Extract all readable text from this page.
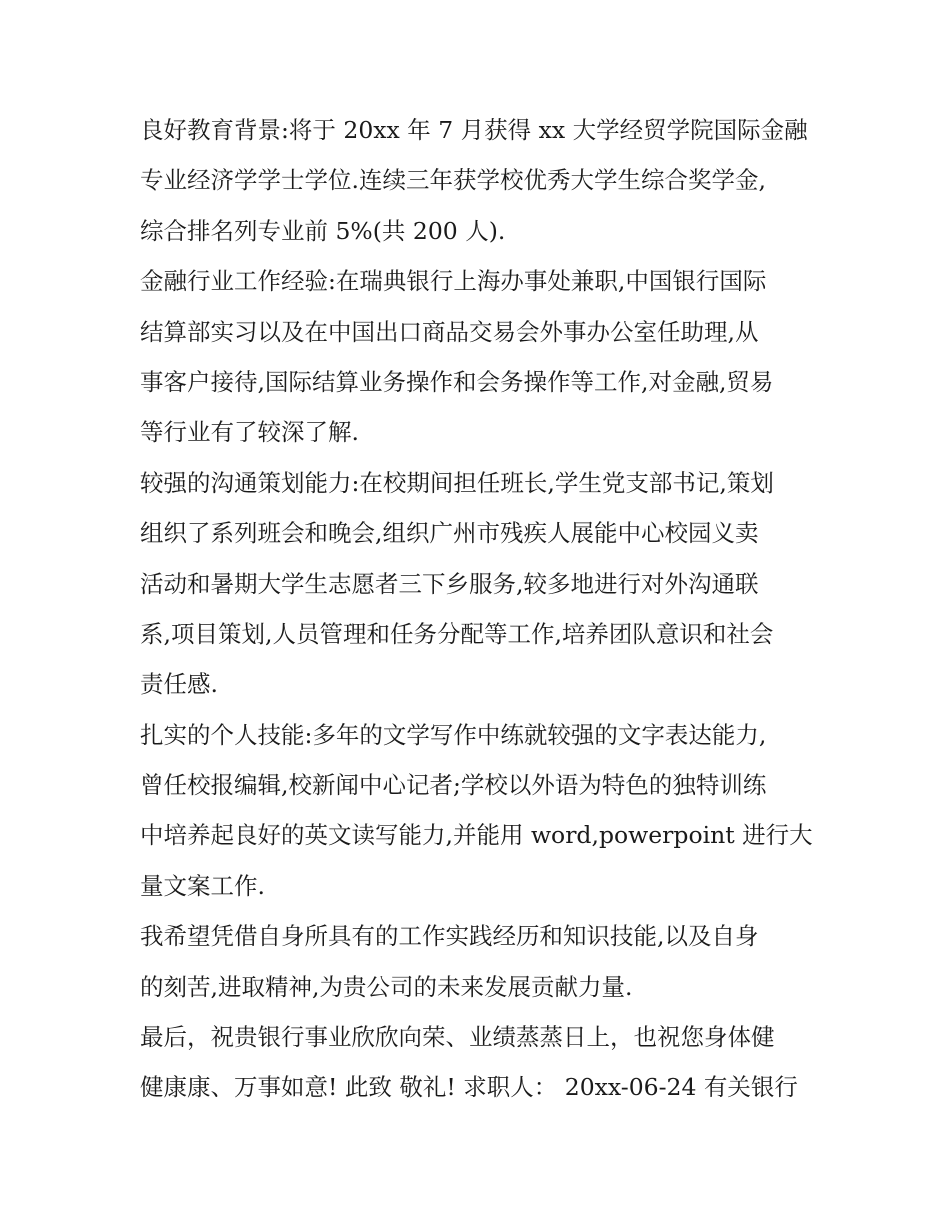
良好教育背景:将于 20xx 年 7 月获得 xx 大学经贸学院国际金融
专业经济学学士学位.连续三年获学校优秀大学生综合奖学金,
综合排名列专业前 5%(共 200 人).
金融行业工作经验:在瑞典银行上海办事处兼职,中国银行国际
结算部实习以及在中国出口商品交易会外事办公室任助理,从
事客户接待,国际结算业务操作和会务操作等工作,对金融,贸易
等行业有了较深了解.
较强的沟通策划能力:在校期间担任班长,学生党支部书记,策划
组织了系列班会和晚会,组织广州市残疾人展能中心校园义卖
活动和暑期大学生志愿者三下乡服务,较多地进行对外沟通联
系,项目策划,人员管理和任务分配等工作,培养团队意识和社会
责任感.
扎实的个人技能:多年的文学写作中练就较强的文字表达能力,
曾任校报编辑,校新闻中心记者;学校以外语为特色的独特训练
中培养起良好的英文读写能力,并能用 word,powerpoint 进行大
量文案工作.
我希望凭借自身所具有的工作实践经历和知识技能,以及自身
的刻苦,进取精神,为贵公司的未来发展贡献力量.
最后，祝贵银行事业欣欣向荣、业绩蒸蒸日上，也祝您身体健
健康康、万事如意! 此致 敬礼! 求职人： 20xx-06-24 有关银行
